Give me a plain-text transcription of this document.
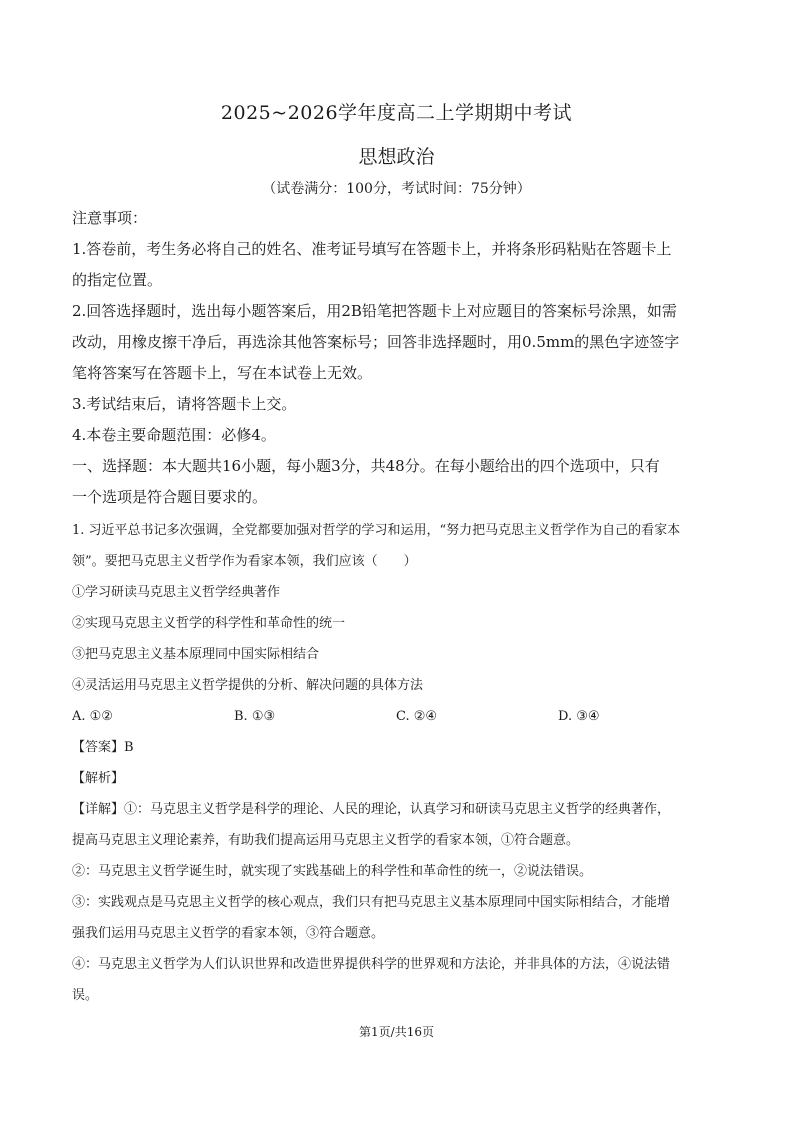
2025~2026学年度高二上学期期中考试
思想政治
（试卷满分：100分，考试时间：75分钟）
注意事项：
1.答卷前，考生务必将自己的姓名、准考证号填写在答题卡上，并将条形码粘贴在答题卡上
的指定位置。
2.回答选择题时，选出每小题答案后，用2B铅笔把答题卡上对应题目的答案标号涂黑，如需
改动，用橡皮擦干净后，再选涂其他答案标号；回答非选择题时，用0.5mm的黑色字迹签字
笔将答案写在答题卡上，写在本试卷上无效。
3.考试结束后，请将答题卡上交。
4.本卷主要命题范围：必修4。
一、选择题：本大题共16小题，每小题3分，共48分。在每小题给出的四个选项中，只有
一个选项是符合题目要求的。
1. 习近平总书记多次强调，全党都要加强对哲学的学习和运用，“努力把马克思主义哲学作为自己的看家本
领”。要把马克思主义哲学作为看家本领，我们应该（　　）
①学习研读马克思主义哲学经典著作
②实现马克思主义哲学的科学性和革命性的统一
③把马克思主义基本原理同中国实际相结合
④灵活运用马克思主义哲学提供的分析、解决问题的具体方法
A. ①②	B. ①③	C. ②④	D. ③④
【答案】B
【解析】
【详解】①：马克思主义哲学是科学的理论、人民的理论，认真学习和研读马克思主义哲学的经典著作，
提高马克思主义理论素养，有助我们提高运用马克思主义哲学的看家本领，①符合题意。
②：马克思主义哲学诞生时，就实现了实践基础上的科学性和革命性的统一，②说法错误。
③：实践观点是马克思主义哲学的核心观点，我们只有把马克思主义基本原理同中国实际相结合，才能增
强我们运用马克思主义哲学的看家本领，③符合题意。
④：马克思主义哲学为人们认识世界和改造世界提供科学的世界观和方法论，并非具体的方法，④说法错
误。
第1页/共16页
